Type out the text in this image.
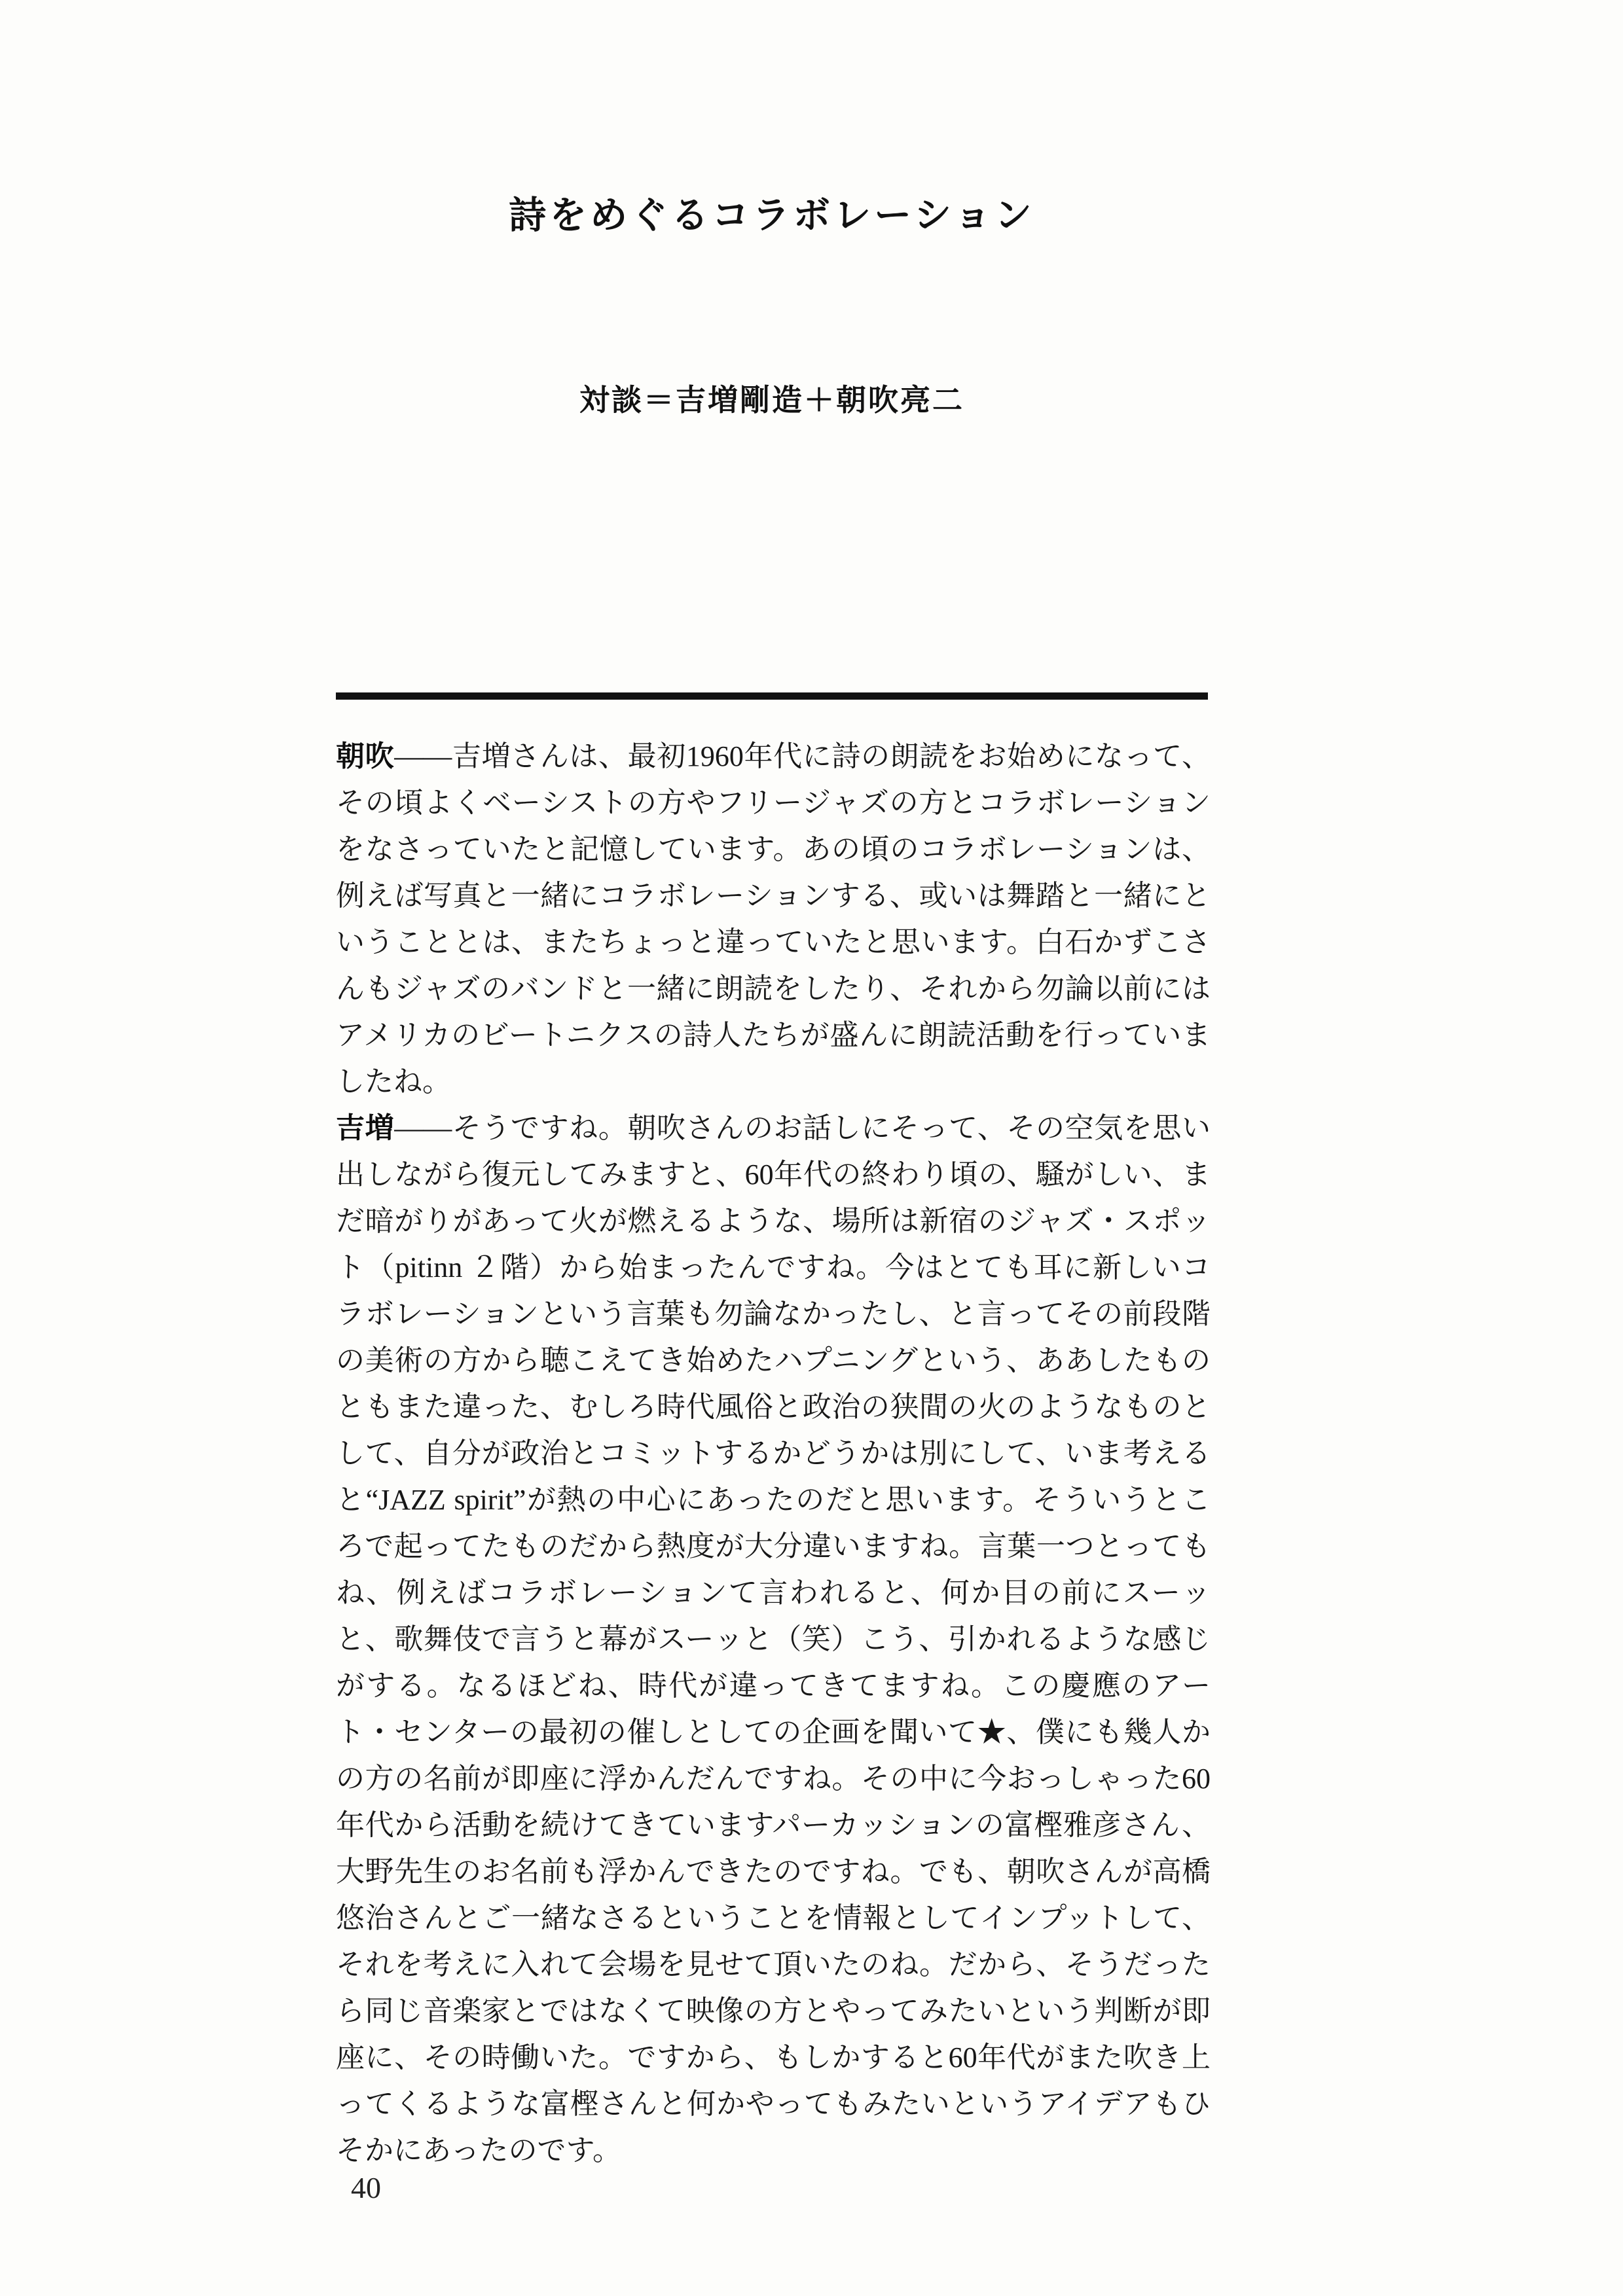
詩をめぐるコラボレーション
対談＝吉増剛造＋朝吹亮二

朝吹――吉増さんは、最初1960年代に詩の朗読をお始めになって、その頃よくベーシストの方やフリージャズの方とコラボレーションをなさっていたと記憶しています。あの頃のコラボレーションは、例えば写真と一緒にコラボレーションする、或いは舞踏と一緒にということとは、またちょっと違っていたと思います。白石かずこさんもジャズのバンドと一緒に朗読をしたり、それから勿論以前にはアメリカのビートニクスの詩人たちが盛んに朗読活動を行っていましたね。

吉増――そうですね。朝吹さんのお話しにそって、その空気を思い出しながら復元してみますと、60年代の終わり頃の、騒がしい、まだ暗がりがあって火が燃えるような、場所は新宿のジャズ・スポット（pitinn ２階）から始まったんですね。今はとても耳に新しいコラボレーションという言葉も勿論なかったし、と言ってその前段階の美術の方から聴こえてき始めたハプニングという、ああしたものともまた違った、むしろ時代風俗と政治の狭間の火のようなものとして、自分が政治とコミットするかどうかは別にして、いま考えると“JAZZ spirit”が熱の中心にあったのだと思います。そういうところで起ってたものだから熱度が大分違いますね。言葉一つとってもね、例えばコラボレーションて言われると、何か目の前にスーッと、歌舞伎で言うと幕がスーッと（笑）こう、引かれるような感じがする。なるほどね、時代が違ってきてますね。この慶應のアート・センターの最初の催しとしての企画を聞いて★、僕にも幾人かの方の名前が即座に浮かんだんですね。その中に今おっしゃった60年代から活動を続けてきていますパーカッションの富樫雅彦さん、大野先生のお名前も浮かんできたのですね。でも、朝吹さんが高橋悠治さんとご一緒なさるということを情報としてインプットして、それを考えに入れて会場を見せて頂いたのね。だから、そうだったら同じ音楽家とではなくて映像の方とやってみたいという判断が即座に、その時働いた。ですから、もしかすると60年代がまた吹き上ってくるような富樫さんと何かやってもみたいというアイデアもひそかにあったのです。

40
